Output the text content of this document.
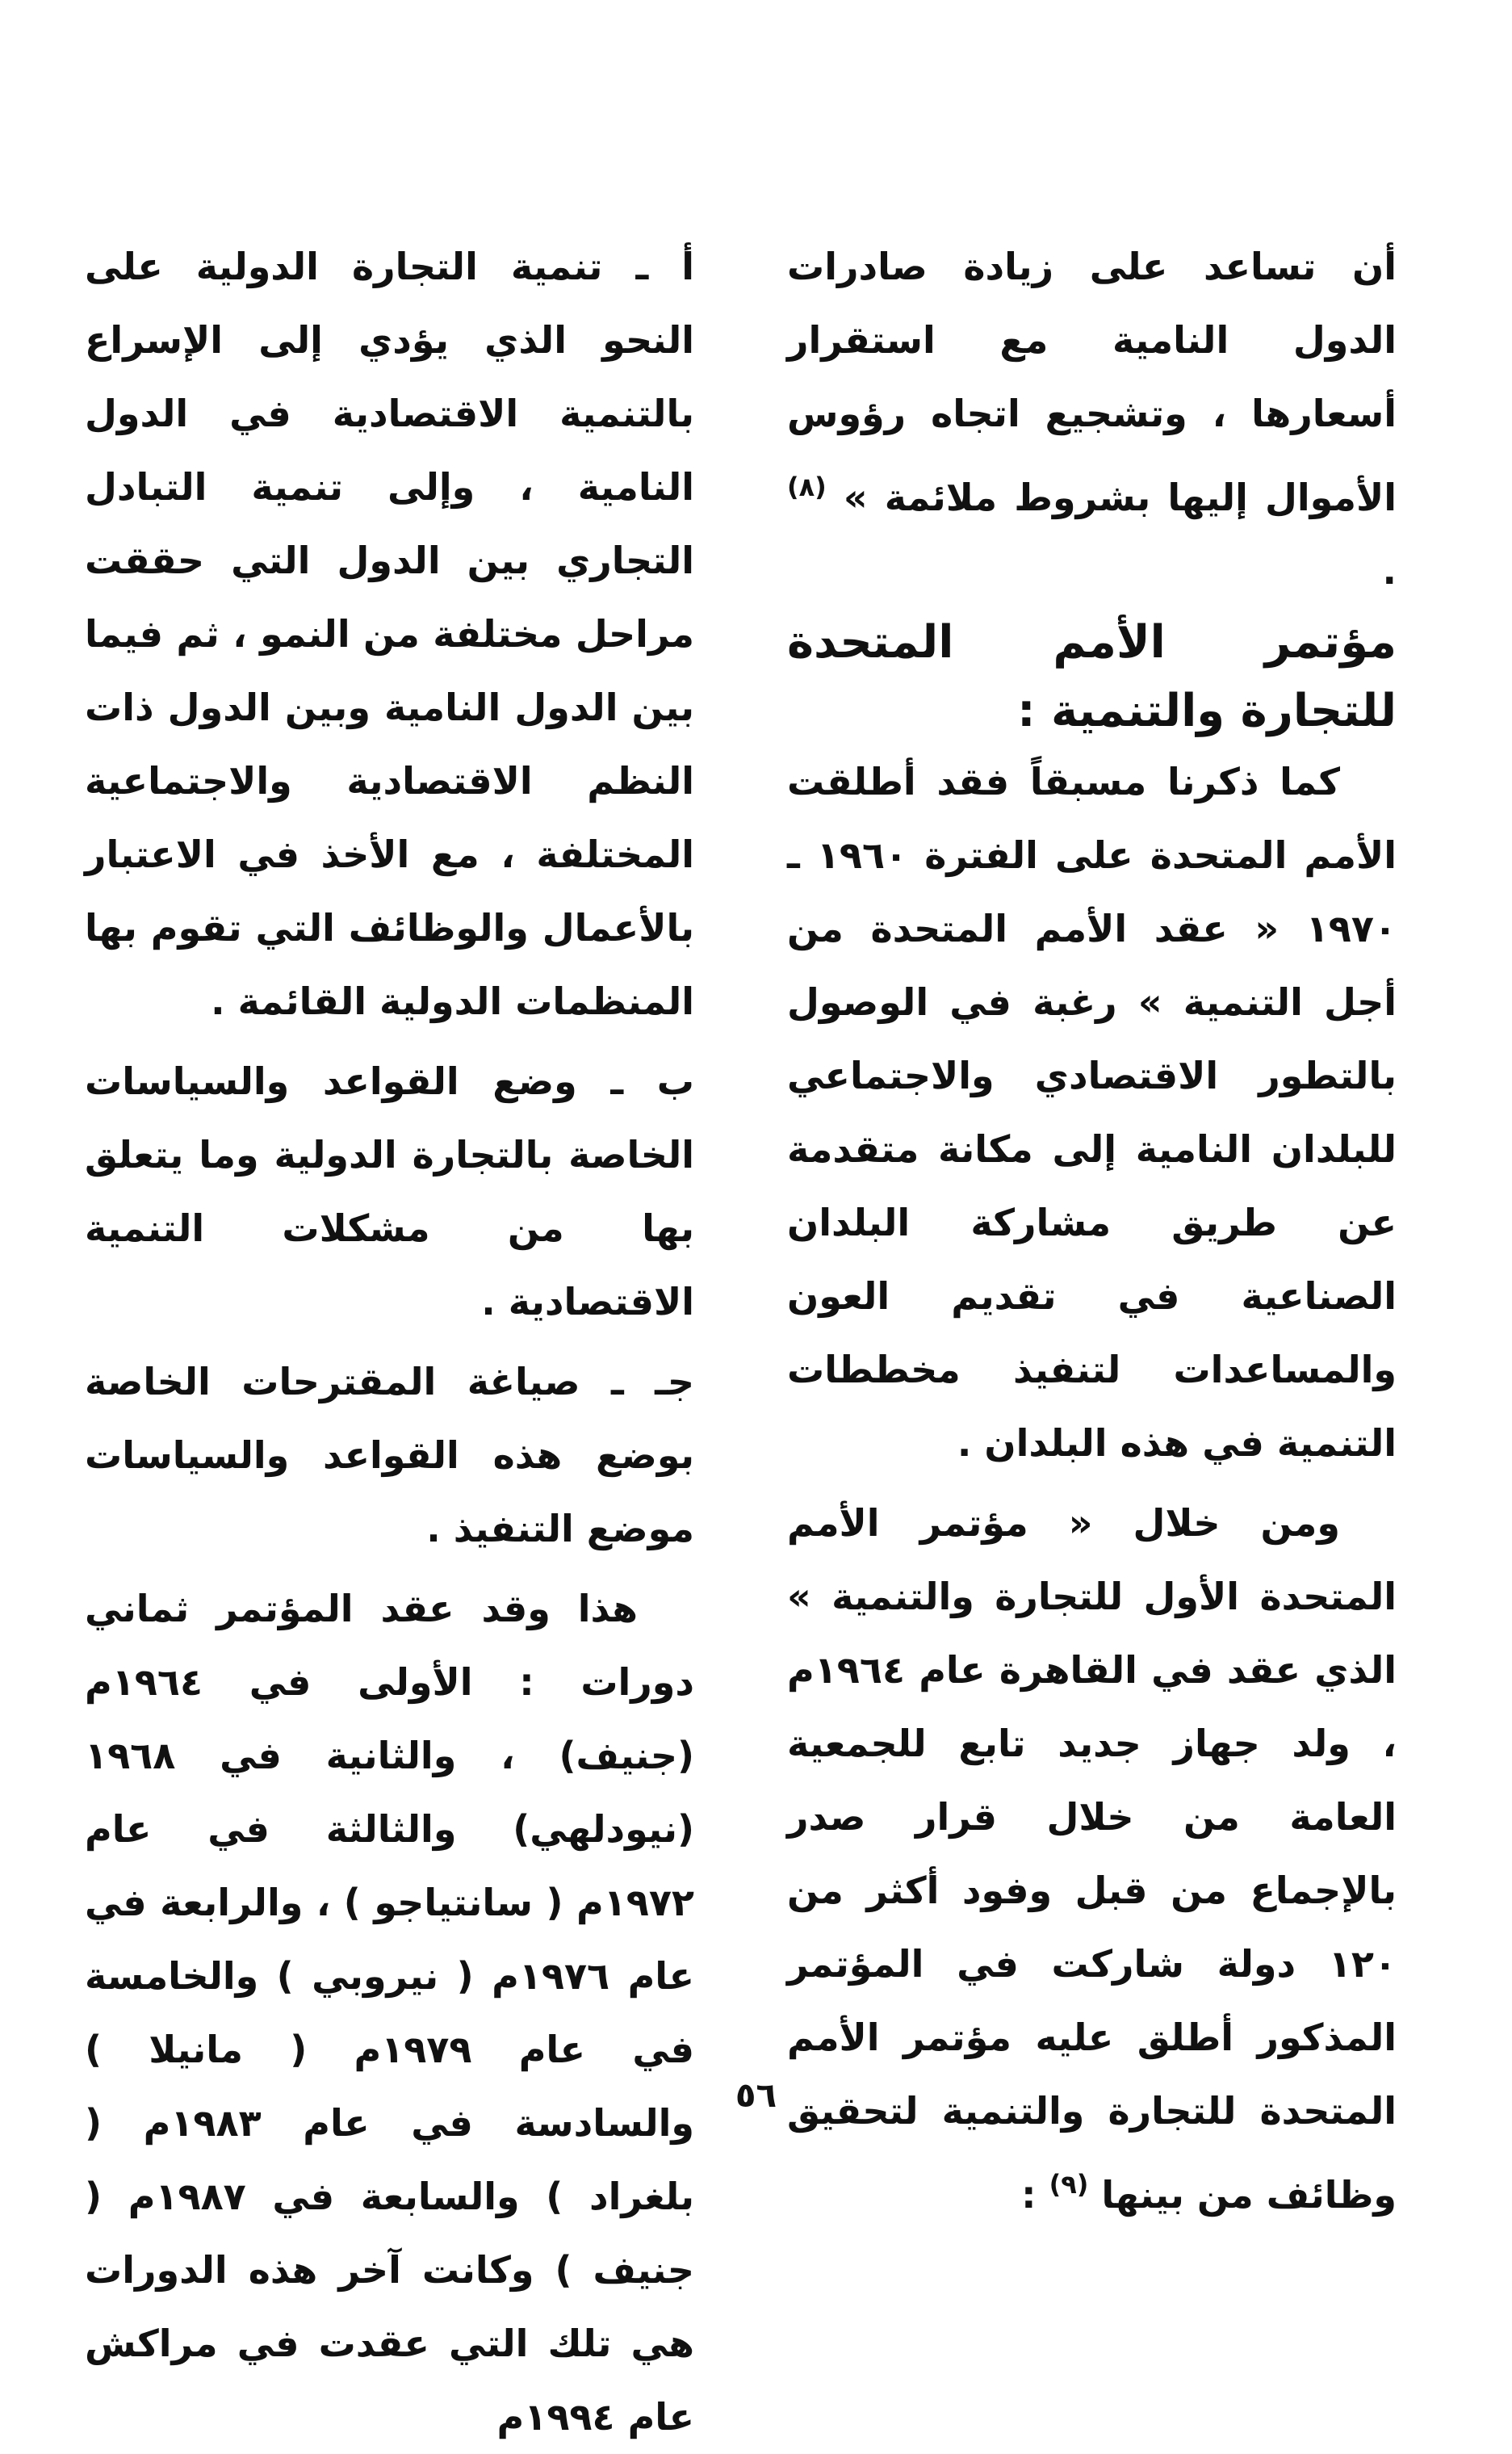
أن تساعد على زيادة صادرات الدول النامية مع استقرار أسعارها ، وتشجيع اتجاه رؤوس الأموال إليها بشروط ملائمة » $^{(٨)}$ .

مؤتمر الأمم المتحدة للتجارة والتنمية :

كما ذكرنا مسبقاً فقد أطلقت الأمم المتحدة على الفترة ١٩٦٠ ـ ١٩٧٠ « عقد الأمم المتحدة من أجل التنمية » رغبة في الوصول بالتطور الاقتصادي والاجتماعي للبلدان النامية إلى مكانة متقدمة عن طريق مشاركة البلدان الصناعية في تقديم العون والمساعدات لتنفيذ مخططات التنمية في هذه البلدان .

ومن خلال « مؤتمر الأمم المتحدة الأول للتجارة والتنمية » الذي عقد في القاهرة عام ١٩٦٤م ، ولد جهاز جديد تابع للجمعية العامة من خلال قرار صدر بالإجماع من قبل وفود أكثر من ١٢٠ دولة شاركت في المؤتمر المذكور أطلق عليه مؤتمر الأمم المتحدة للتجارة والتنمية لتحقيق وظائف من بينها $^{(٩)}$ :

أ ـ تنمية التجارة الدولية على النحو الذي يؤدي إلى الإسراع بالتنمية الاقتصادية في الدول النامية ، وإلى تنمية التبادل التجاري بين الدول التي حققت مراحل مختلفة من النمو ، ثم فيما بين الدول النامية وبين الدول ذات النظم الاقتصادية والاجتماعية المختلفة ، مع الأخذ في الاعتبار بالأعمال والوظائف التي تقوم بها المنظمات الدولية القائمة .

ب ـ وضع القواعد والسياسات الخاصة بالتجارة الدولية وما يتعلق بها من مشكلات التنمية الاقتصادية .

جـ ـ صياغة المقترحات الخاصة بوضع هذه القواعد والسياسات موضع التنفيذ .

هذا وقد عقد المؤتمر ثماني دورات : الأولى في ١٩٦٤م (جنيف) ، والثانية في ١٩٦٨ (نيودلهي) والثالثة في عام ١٩٧٢م ( سانتياجو ) ، والرابعة في عام ١٩٧٦م ( نيروبي ) والخامسة في عام ١٩٧٩م ( مانيلا ) والسادسة في عام ١٩٨٣م ( بلغراد ) والسابعة في ١٩٨٧م ( جنيف ) وكانت آخر هذه الدورات هي تلك التي عقدت في مراكش عام ١٩٩٤م

٥٦
